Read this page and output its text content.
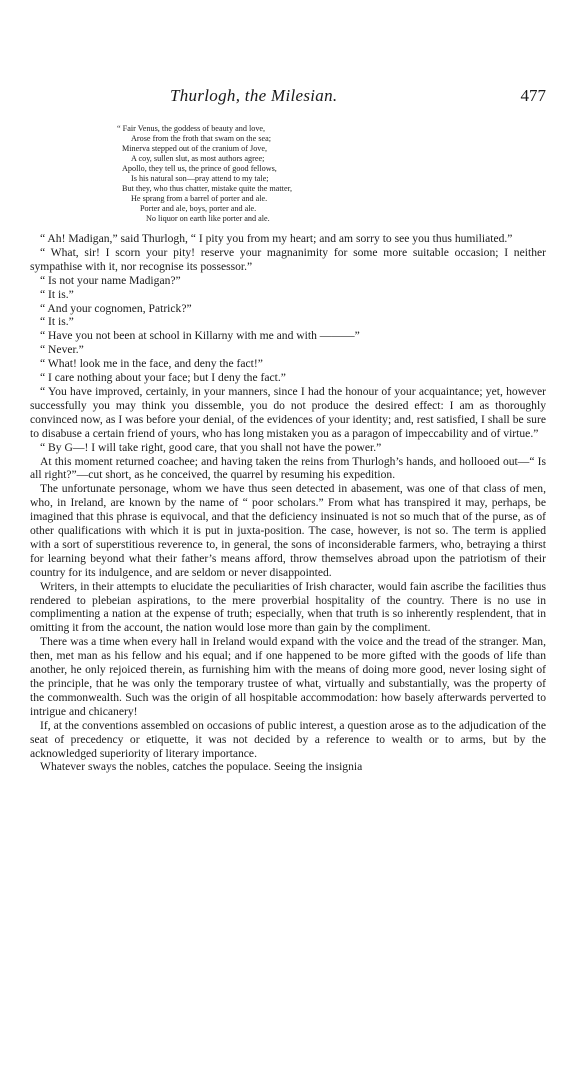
Thurlogh, the Milesian.	477
“ Fair Venus, the goddess of beauty and love,
Arose from the froth that swam on the sea;
Minerva stepped out of the cranium of Jove,
A coy, sullen slut, as most authors agree;
Apollo, they tell us, the prince of good fellows,
Is his natural son—pray attend to my tale;
But they, who thus chatter, mistake quite the matter,
He sprang from a barrel of porter and ale.
Porter and ale, boys, porter and ale.
No liquor on earth like porter and ale.

“ Ah! Madigan,” said Thurlogh, “ I pity you from my heart; and am sorry to see you thus humiliated.”

“ What, sir! I scorn your pity! reserve your magnanimity for some more suitable occasion; I neither sympathise with it, nor recognise its possessor.”

“ Is not your name Madigan?”

“ It is.”

“ And your cognomen, Patrick?”

“ It is.”

“ Have you not been at school in Killarny with me and with ———”

“ Never.”

“ What! look me in the face, and deny the fact!”

“ I care nothing about your face; but I deny the fact.”

“ You have improved, certainly, in your manners, since I had the honour of your acquaintance; yet, however successfully you may think you dissemble, you do not produce the desired effect: I am as thoroughly convinced now, as I was before your denial, of the evidences of your identity; and, rest satisfied, I shall be sure to disabuse a certain friend of yours, who has long mistaken you as a paragon of impeccability and of virtue.”

“ By G—! I will take right, good care, that you shall not have the power.”

At this moment returned coachee; and having taken the reins from Thurlogh’s hands, and hollooed out—“ Is all right?”—cut short, as he conceived, the quarrel by resuming his expedition.

The unfortunate personage, whom we have thus seen detected in abasement, was one of that class of men, who, in Ireland, are known by the name of “ poor scholars.” From what has transpired it may, perhaps, be imagined that this phrase is equivocal, and that the deficiency insinuated is not so much that of the purse, as of other qualifications with which it is put in juxta-position. The case, however, is not so. The term is applied with a sort of superstitious reverence to, in general, the sons of inconsiderable farmers, who, betraying a thirst for learning beyond what their father’s means afford, throw themselves abroad upon the patriotism of their country for its indulgence, and are seldom or never disappointed.

Writers, in their attempts to elucidate the peculiarities of Irish character, would fain ascribe the facilities thus rendered to plebeian aspirations, to the mere proverbial hospitality of the country. There is no use in complimenting a nation at the expense of truth; especially, when that truth is so inherently resplendent, that in omitting it from the account, the nation would lose more than gain by the compliment.

There was a time when every hall in Ireland would expand with the voice and the tread of the stranger. Man, then, met man as his fellow and his equal; and if one happened to be more gifted with the goods of life than another, he only rejoiced therein, as furnishing him with the means of doing more good, never losing sight of the principle, that he was only the temporary trustee of what, virtually and substantially, was the property of the commonwealth. Such was the origin of all hospitable accommodation: how basely afterwards perverted to intrigue and chicanery!

If, at the conventions assembled on occasions of public interest, a question arose as to the adjudication of the seat of precedency or etiquette, it was not decided by a reference to wealth or to arms, but by the acknowledged superiority of literary importance.

Whatever sways the nobles, catches the populace. Seeing the insignia
